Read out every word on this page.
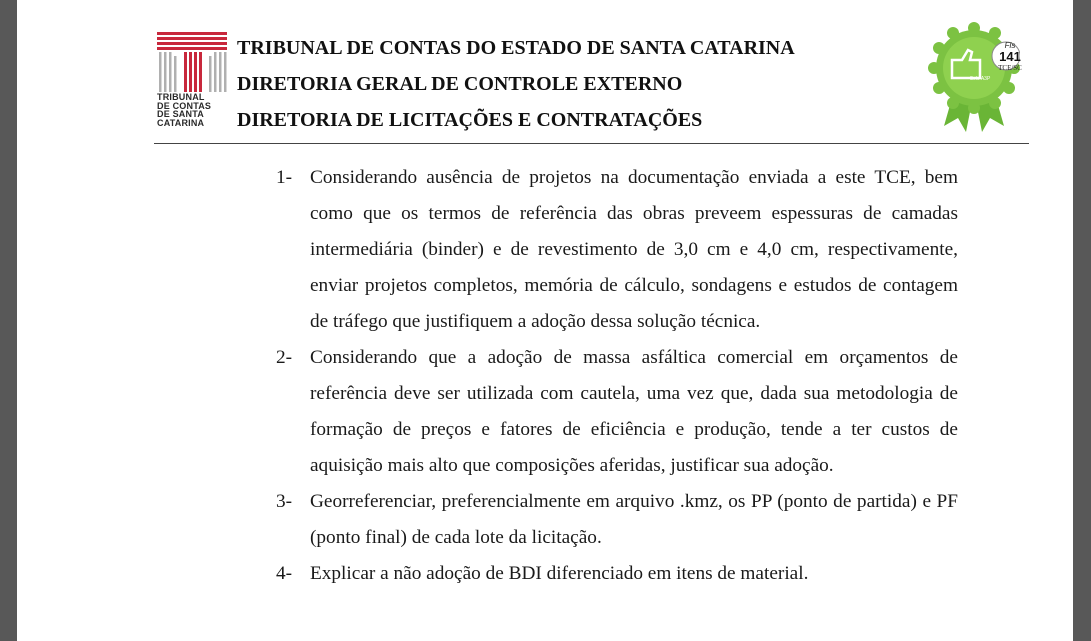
TRIBUNAL
DE CONTAS
DE SANTA
CATARINA
TRIBUNAL DE CONTAS DO ESTADO DE SANTA CATARINA
DIRETORIA GERAL DE CONTROLE EXTERNO
DIRETORIA DE LICITAÇÕES E CONTRATAÇÕES
Fls
141
TCE/SC
Selo A3P
1- Considerando ausência de projetos na documentação enviada a este TCE, bem como que os termos de referência das obras preveem espessuras de camadas intermediária (binder) e de revestimento de 3,0 cm e 4,0 cm, respectivamente, enviar projetos completos, memória de cálculo, sondagens e estudos de contagem de tráfego que justifiquem a adoção dessa solução técnica.
2- Considerando que a adoção de massa asfáltica comercial em orçamentos de referência deve ser utilizada com cautela, uma vez que, dada sua metodologia de formação de preços e fatores de eficiência e produção, tende a ter custos de aquisição mais alto que composições aferidas, justificar sua adoção.
3- Georreferenciar, preferencialmente em arquivo .kmz, os PP (ponto de partida) e PF (ponto final) de cada lote da licitação.
4- Explicar a não adoção de BDI diferenciado em itens de material.
